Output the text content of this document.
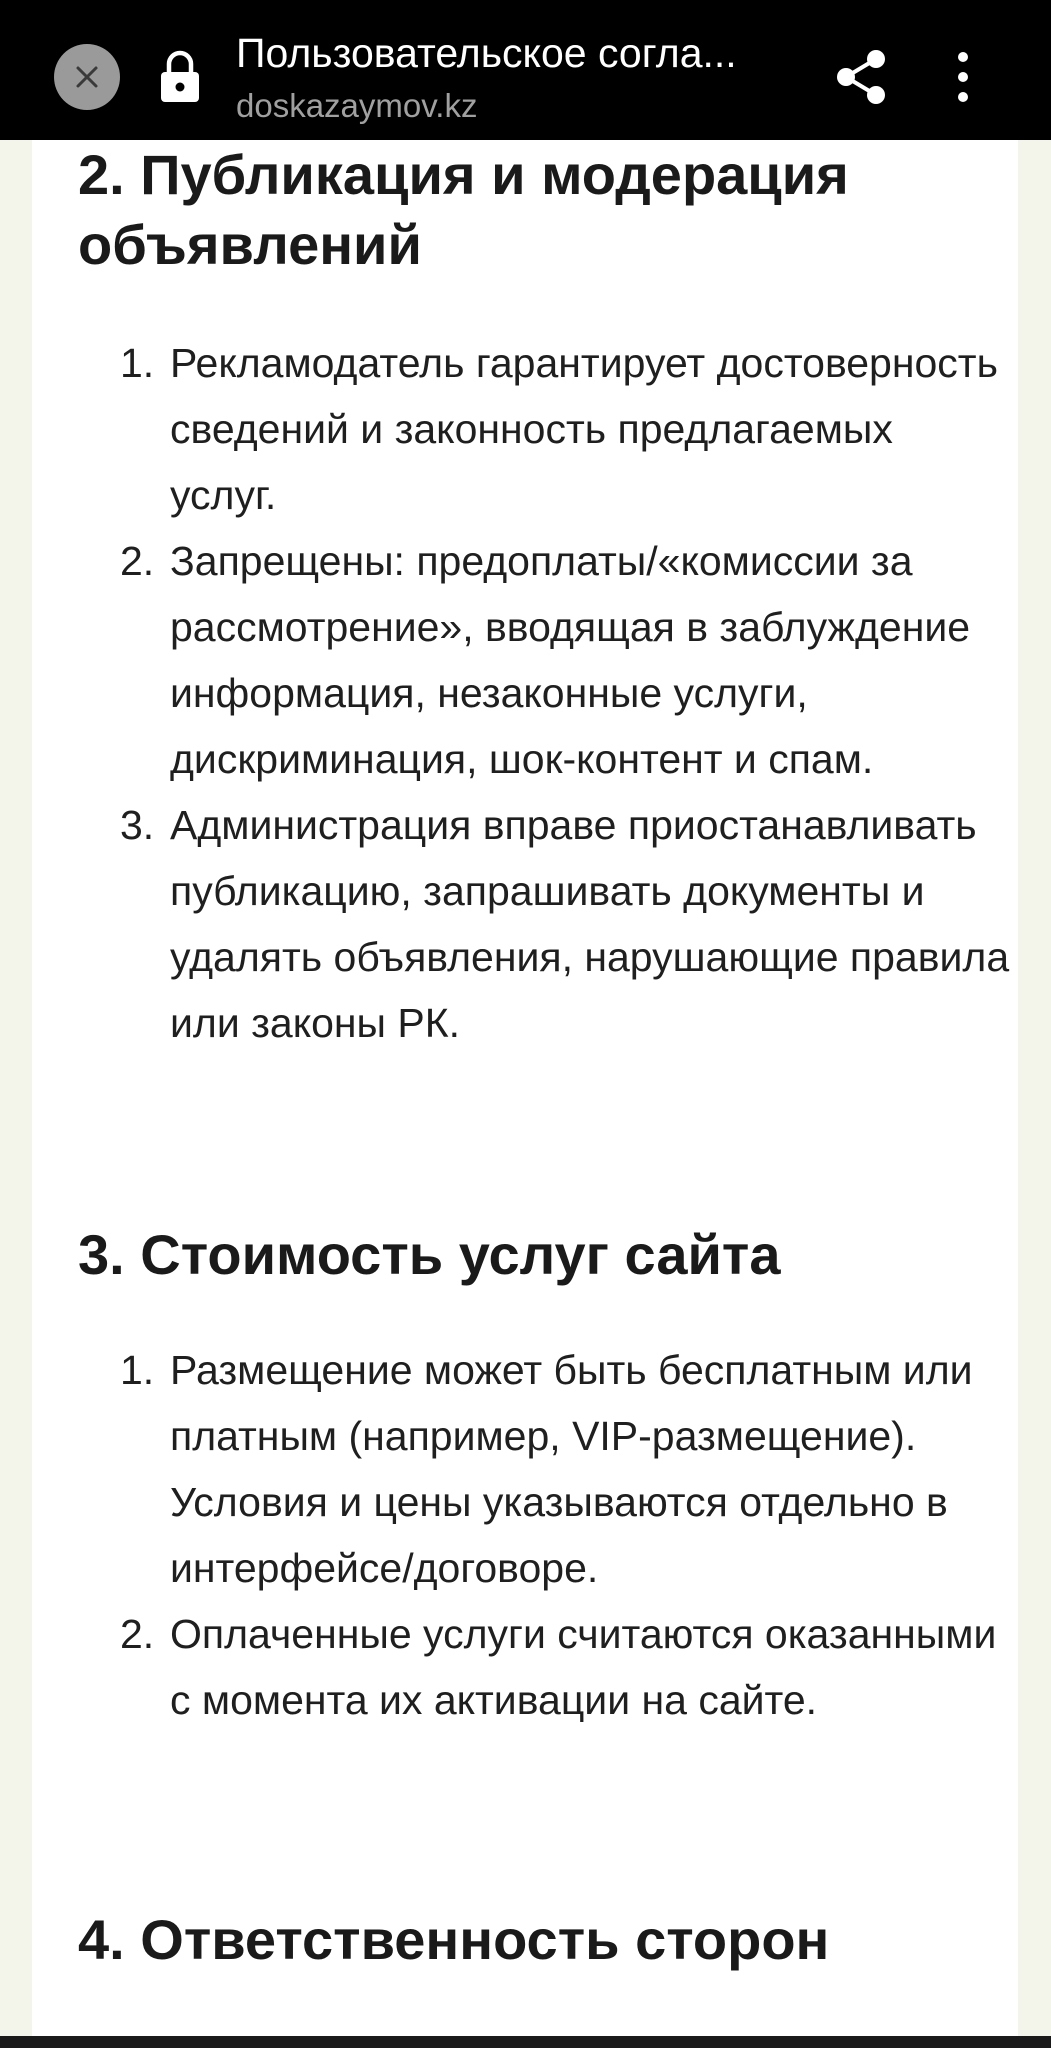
Пользовательское согла...
doskazaymov.kz
2. Публикация и модерация объявлений
1. Рекламодатель гарантирует достоверность сведений и законность предлагаемых услуг.
2. Запрещены: предоплаты/«комиссии за рассмотрение», вводящая в заблуждение информация, незаконные услуги, дискриминация, шок-контент и спам.
3. Администрация вправе приостанавливать публикацию, запрашивать документы и удалять объявления, нарушающие правила или законы РК.
3. Стоимость услуг сайта
1. Размещение может быть бесплатным или платным (например, VIP-размещение). Условия и цены указываются отдельно в интерфейсе/договоре.
2. Оплаченные услуги считаются оказанными с момента их активации на сайте.
4. Ответственность сторон
